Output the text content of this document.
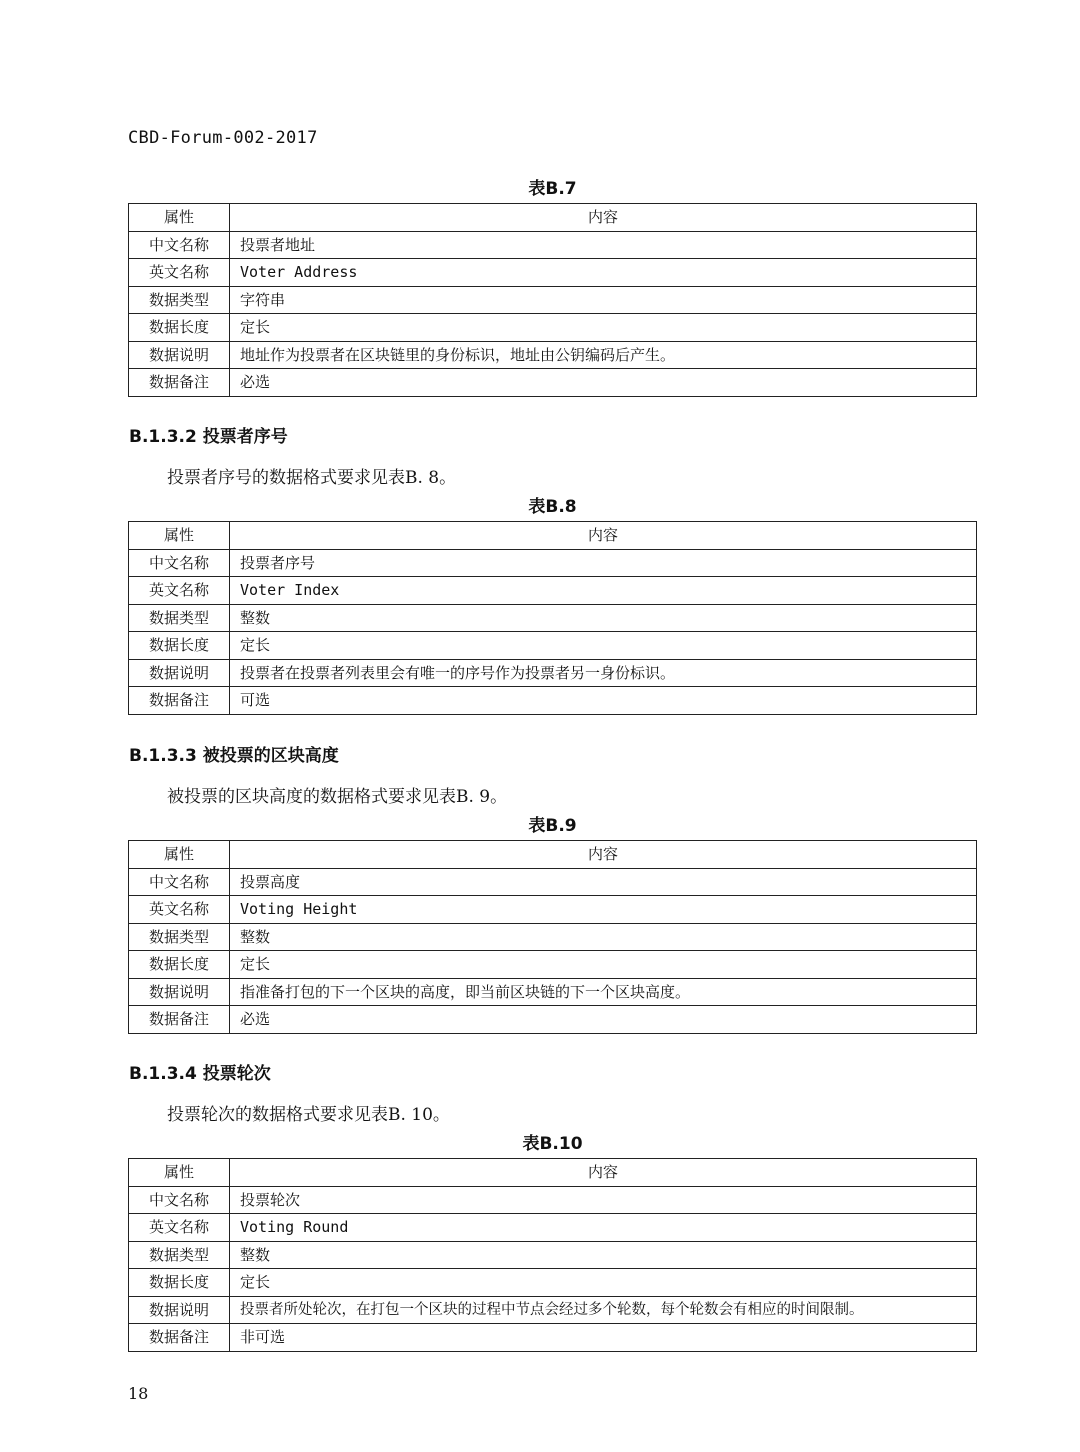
CBD-Forum-002-2017
表B.7
属性	内容
中文名称	投票者地址
英文名称	Voter Address
数据类型	字符串
数据长度	定长
数据说明	地址作为投票者在区块链里的身份标识，地址由公钥编码后产生。
数据备注	必选
B.1.3.2 投票者序号
投票者序号的数据格式要求见表B. 8。
表B.8
属性	内容
中文名称	投票者序号
英文名称	Voter Index
数据类型	整数
数据长度	定长
数据说明	投票者在投票者列表里会有唯一的序号作为投票者另一身份标识。
数据备注	可选
B.1.3.3 被投票的区块高度
被投票的区块高度的数据格式要求见表B. 9。
表B.9
属性	内容
中文名称	投票高度
英文名称	Voting Height
数据类型	整数
数据长度	定长
数据说明	指准备打包的下一个区块的高度，即当前区块链的下一个区块高度。
数据备注	必选
B.1.3.4 投票轮次
投票轮次的数据格式要求见表B. 10。
表B.10
属性	内容
中文名称	投票轮次
英文名称	Voting Round
数据类型	整数
数据长度	定长
数据说明	投票者所处轮次，在打包一个区块的过程中节点会经过多个轮数，每个轮数会有相应的时间限制。
数据备注	非可选
18
